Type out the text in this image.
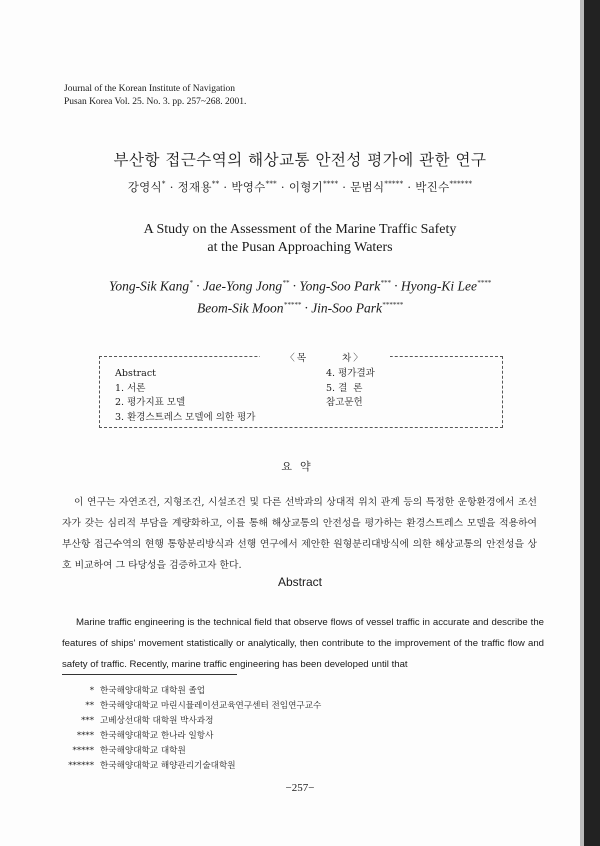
Journal of the Korean Institute of Navigation
Pusan Korea Vol. 25. No. 3. pp. 257~268. 2001.
부산항 접근수역의 해상교통 안전성 평가에 관한 연구
강영식* · 정재용** · 박영수*** · 이형기**** · 문범식***** · 박진수******
A Study on the Assessment of the Marine Traffic Safety
at the Pusan Approaching Waters
Yong-Sik Kang* · Jae-Yong Jong** · Yong-Soo Park*** · Hyong-Ki Lee****
Beom-Sik Moon***** · Jin-Soo Park******
〈목	차〉
Abstract
1. 서론
2. 평가지표 모델
3. 환경스트레스 모델에 의한 평가
4. 평가결과
5. 결  론
참고문헌
요약
이 연구는 자연조건, 지형조건, 시설조건 및 다른 선박과의 상대적 위치 관계 등의 특정한 운항환경에서 조선자가 갖는 심리적 부담을 계량화하고, 이를 통해 해상교통의 안전성을 평가하는 환경스트레스 모델을 적용하여 부산항 접근수역의 현행 통항분리방식과 선행 연구에서 제안한 원형분리대방식에 의한 해상교통의 안전성을 상호 비교하여 그 타당성을 검증하고자 한다.
Abstract
Marine traffic engineering is the technical field that observe flows of vessel traffic in accurate and describe the features of ships' movement statistically or analytically, then contribute to the improvement of the traffic flow and safety of traffic. Recently, marine traffic engineering has been developed until that
* 한국해양대학교 대학원 졸업
** 한국해양대학교 마린시뮬레이션교육연구센터 전임연구교수
*** 고베상선대학 대학원 박사과정
**** 한국해양대학교 한나라 일항사
***** 한국해양대학교 대학원
****** 한국해양대학교 해양관리기술대학원
−257−
